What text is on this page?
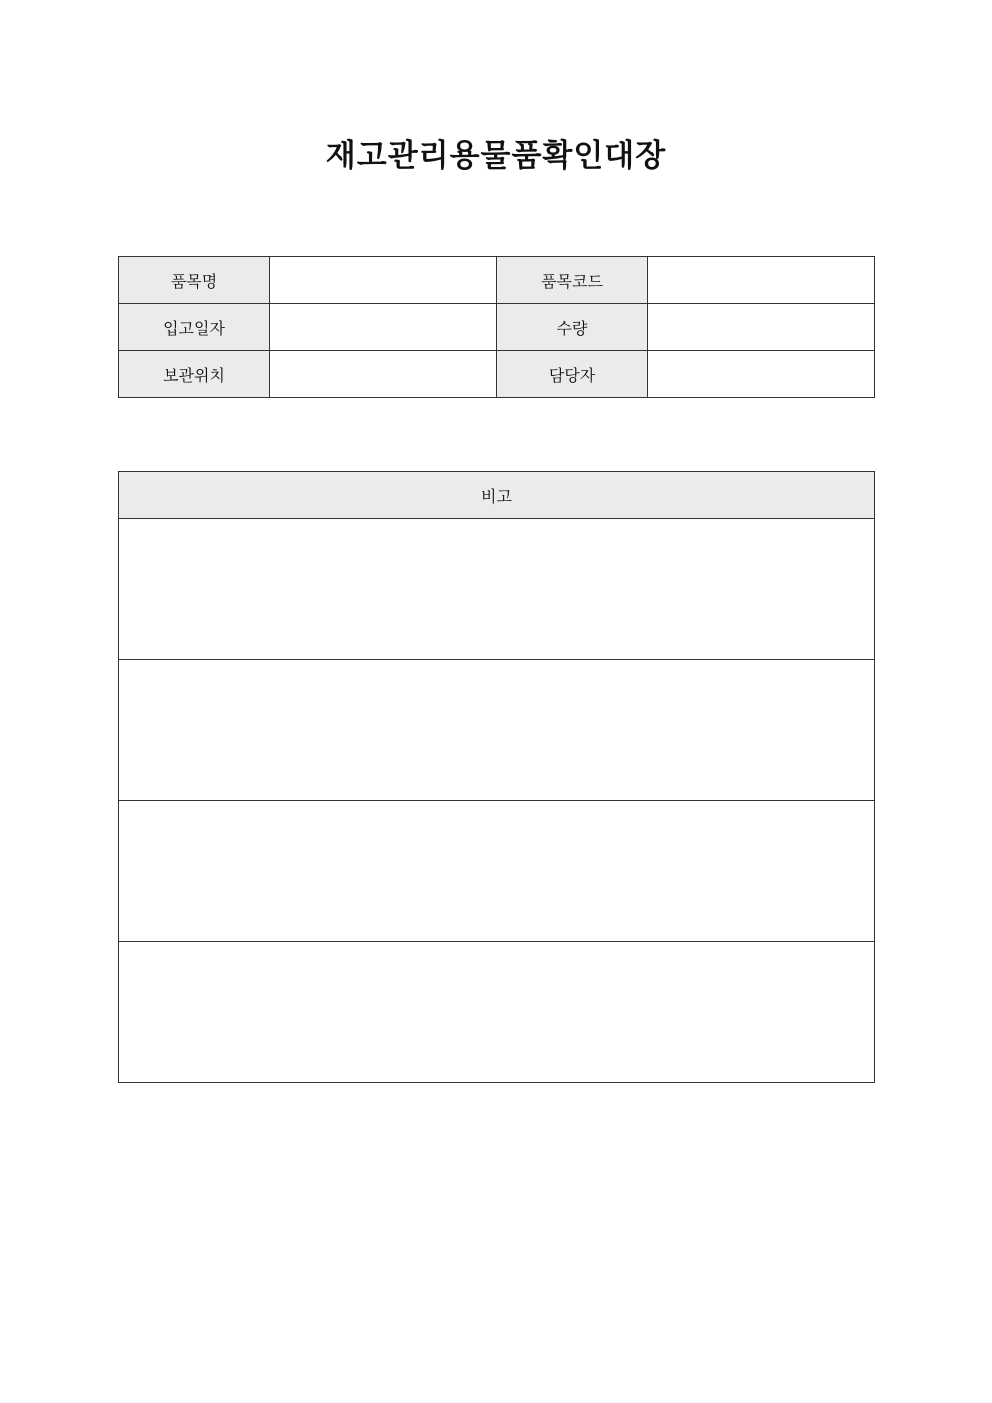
재고관리용물품확인대장
품목명		품목코드	
입고일자		수량	
보관위치		담당자	
비고
